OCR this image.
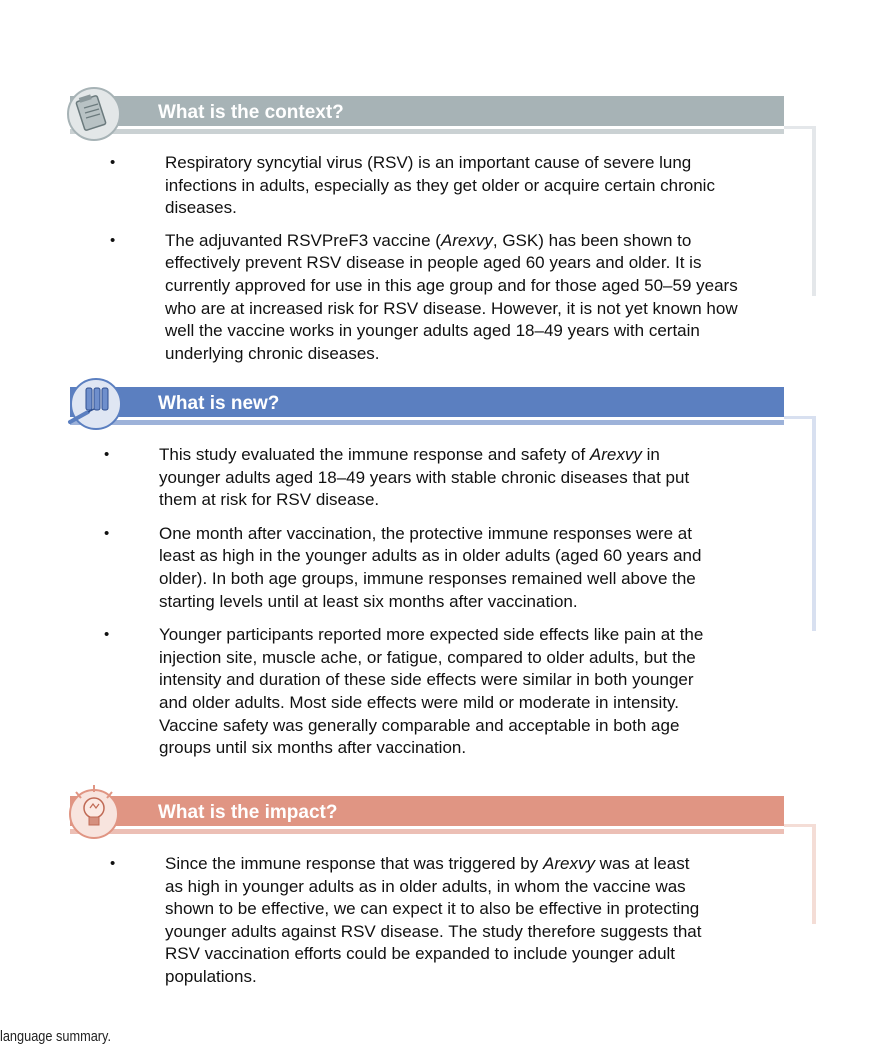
What is the context?
•	Respiratory syncytial virus (RSV) is an important cause of severe lung
infections in adults, especially as they get older or acquire certain chronic
diseases.
•	The adjuvanted RSVPreF3 vaccine (Arexvy, GSK) has been shown to
effectively prevent RSV disease in people aged 60 years and older. It is
currently approved for use in this age group and for those aged 50–59 years
who are at increased risk for RSV disease. However, it is not yet known how
well the vaccine works in younger adults aged 18–49 years with certain
underlying chronic diseases.
What is new?
•	This study evaluated the immune response and safety of Arexvy in
younger adults aged 18–49 years with stable chronic diseases that put
them at risk for RSV disease.
•	One month after vaccination, the protective immune responses were at
least as high in the younger adults as in older adults (aged 60 years and
older). In both age groups, immune responses remained well above the
starting levels until at least six months after vaccination.
•	Younger participants reported more expected side effects like pain at the
injection site, muscle ache, or fatigue, compared to older adults, but the
intensity and duration of these side effects were similar in both younger
and older adults. Most side effects were mild or moderate in intensity.
Vaccine safety was generally comparable and acceptable in both age
groups until six months after vaccination.
What is the impact?
•	Since the immune response that was triggered by Arexvy was at least
as high in younger adults as in older adults, in whom the vaccine was
shown to be effective, we can expect it to also be effective in protecting
younger adults against RSV disease. The study therefore suggests that
RSV vaccination efforts could be expanded to include younger adult
populations.
language summary.
